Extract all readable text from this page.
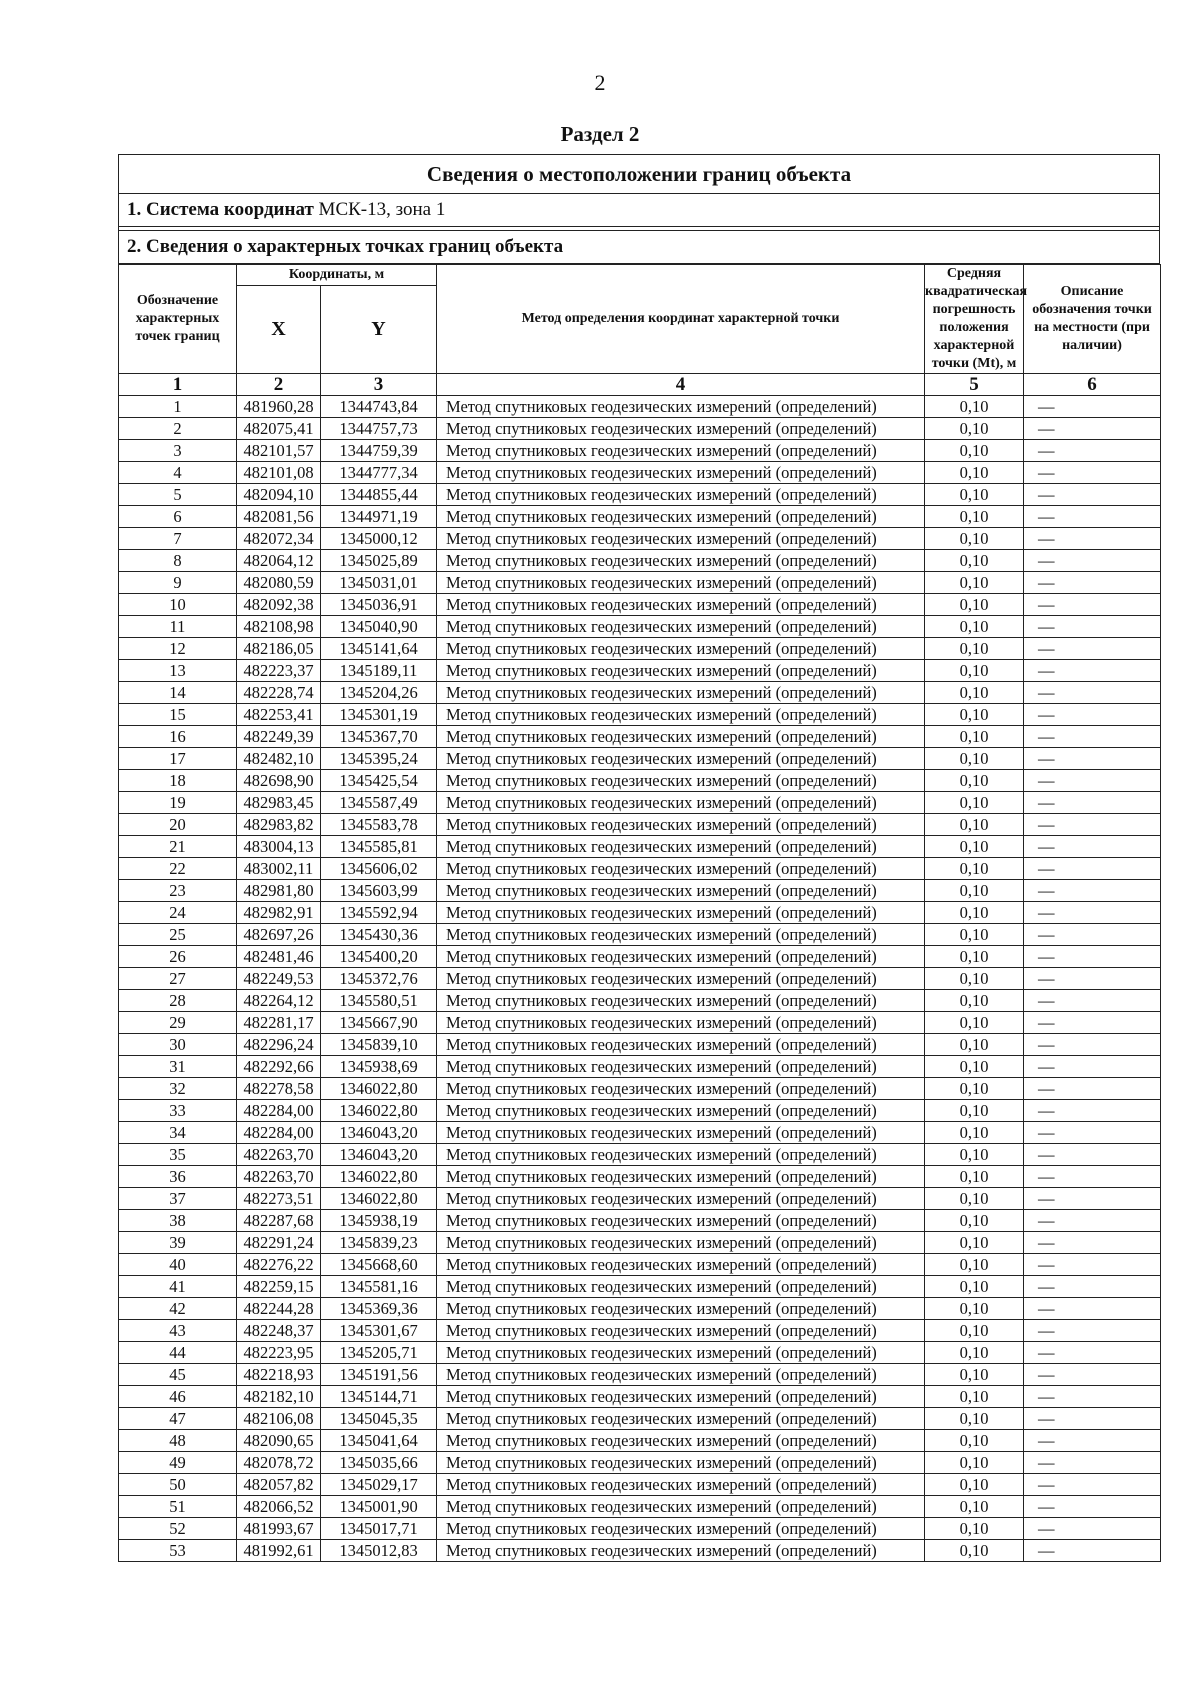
2
Раздел 2
Сведения о местоположении границ объекта
1. Система координат МСК-13, зона 1
2. Сведения о характерных точках границ объекта
Обозначение характерных точек границ	Координаты, м		Метод определения координат характерной точки	Средняя квадратическая погрешность положения характерной точки (Mt), м	Описание обозначения точки на местности (при наличии)
	X	Y			
1	2	3	4	5	6
1	481960,28	1344743,84	Метод спутниковых геодезических измерений (определений)	0,10	—
2	482075,41	1344757,73	Метод спутниковых геодезических измерений (определений)	0,10	—
3	482101,57	1344759,39	Метод спутниковых геодезических измерений (определений)	0,10	—
4	482101,08	1344777,34	Метод спутниковых геодезических измерений (определений)	0,10	—
5	482094,10	1344855,44	Метод спутниковых геодезических измерений (определений)	0,10	—
6	482081,56	1344971,19	Метод спутниковых геодезических измерений (определений)	0,10	—
7	482072,34	1345000,12	Метод спутниковых геодезических измерений (определений)	0,10	—
8	482064,12	1345025,89	Метод спутниковых геодезических измерений (определений)	0,10	—
9	482080,59	1345031,01	Метод спутниковых геодезических измерений (определений)	0,10	—
10	482092,38	1345036,91	Метод спутниковых геодезических измерений (определений)	0,10	—
11	482108,98	1345040,90	Метод спутниковых геодезических измерений (определений)	0,10	—
12	482186,05	1345141,64	Метод спутниковых геодезических измерений (определений)	0,10	—
13	482223,37	1345189,11	Метод спутниковых геодезических измерений (определений)	0,10	—
14	482228,74	1345204,26	Метод спутниковых геодезических измерений (определений)	0,10	—
15	482253,41	1345301,19	Метод спутниковых геодезических измерений (определений)	0,10	—
16	482249,39	1345367,70	Метод спутниковых геодезических измерений (определений)	0,10	—
17	482482,10	1345395,24	Метод спутниковых геодезических измерений (определений)	0,10	—
18	482698,90	1345425,54	Метод спутниковых геодезических измерений (определений)	0,10	—
19	482983,45	1345587,49	Метод спутниковых геодезических измерений (определений)	0,10	—
20	482983,82	1345583,78	Метод спутниковых геодезических измерений (определений)	0,10	—
21	483004,13	1345585,81	Метод спутниковых геодезических измерений (определений)	0,10	—
22	483002,11	1345606,02	Метод спутниковых геодезических измерений (определений)	0,10	—
23	482981,80	1345603,99	Метод спутниковых геодезических измерений (определений)	0,10	—
24	482982,91	1345592,94	Метод спутниковых геодезических измерений (определений)	0,10	—
25	482697,26	1345430,36	Метод спутниковых геодезических измерений (определений)	0,10	—
26	482481,46	1345400,20	Метод спутниковых геодезических измерений (определений)	0,10	—
27	482249,53	1345372,76	Метод спутниковых геодезических измерений (определений)	0,10	—
28	482264,12	1345580,51	Метод спутниковых геодезических измерений (определений)	0,10	—
29	482281,17	1345667,90	Метод спутниковых геодезических измерений (определений)	0,10	—
30	482296,24	1345839,10	Метод спутниковых геодезических измерений (определений)	0,10	—
31	482292,66	1345938,69	Метод спутниковых геодезических измерений (определений)	0,10	—
32	482278,58	1346022,80	Метод спутниковых геодезических измерений (определений)	0,10	—
33	482284,00	1346022,80	Метод спутниковых геодезических измерений (определений)	0,10	—
34	482284,00	1346043,20	Метод спутниковых геодезических измерений (определений)	0,10	—
35	482263,70	1346043,20	Метод спутниковых геодезических измерений (определений)	0,10	—
36	482263,70	1346022,80	Метод спутниковых геодезических измерений (определений)	0,10	—
37	482273,51	1346022,80	Метод спутниковых геодезических измерений (определений)	0,10	—
38	482287,68	1345938,19	Метод спутниковых геодезических измерений (определений)	0,10	—
39	482291,24	1345839,23	Метод спутниковых геодезических измерений (определений)	0,10	—
40	482276,22	1345668,60	Метод спутниковых геодезических измерений (определений)	0,10	—
41	482259,15	1345581,16	Метод спутниковых геодезических измерений (определений)	0,10	—
42	482244,28	1345369,36	Метод спутниковых геодезических измерений (определений)	0,10	—
43	482248,37	1345301,67	Метод спутниковых геодезических измерений (определений)	0,10	—
44	482223,95	1345205,71	Метод спутниковых геодезических измерений (определений)	0,10	—
45	482218,93	1345191,56	Метод спутниковых геодезических измерений (определений)	0,10	—
46	482182,10	1345144,71	Метод спутниковых геодезических измерений (определений)	0,10	—
47	482106,08	1345045,35	Метод спутниковых геодезических измерений (определений)	0,10	—
48	482090,65	1345041,64	Метод спутниковых геодезических измерений (определений)	0,10	—
49	482078,72	1345035,66	Метод спутниковых геодезических измерений (определений)	0,10	—
50	482057,82	1345029,17	Метод спутниковых геодезических измерений (определений)	0,10	—
51	482066,52	1345001,90	Метод спутниковых геодезических измерений (определений)	0,10	—
52	481993,67	1345017,71	Метод спутниковых геодезических измерений (определений)	0,10	—
53	481992,61	1345012,83	Метод спутниковых геодезических измерений (определений)	0,10	—
